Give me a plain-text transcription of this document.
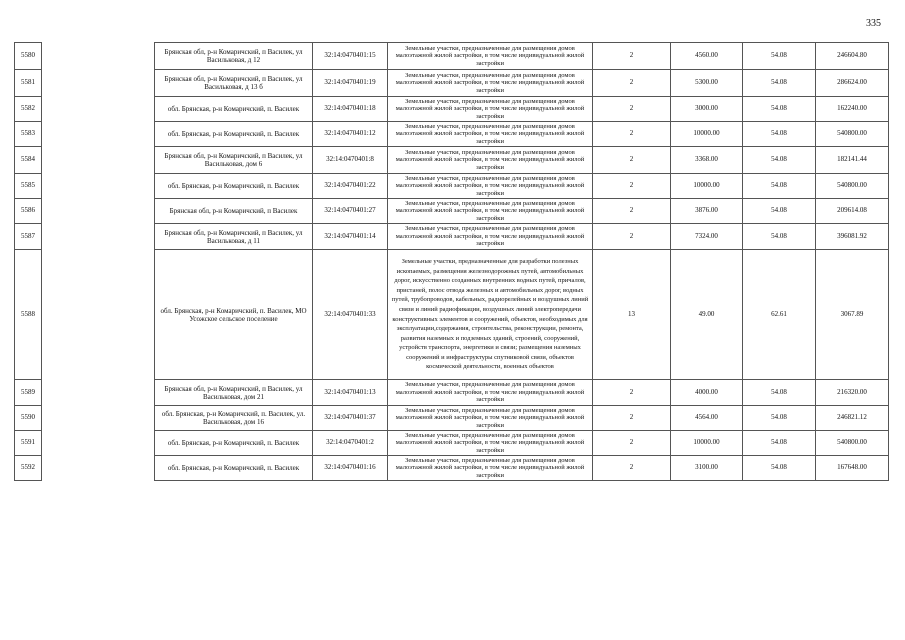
335
5580		Брянская обл, р-н Комаричский, п Василек, ул Васильковая, д 12	32:14:0470401:15	Земельные участки, предназначенные для размещения домов малоэтажной жилой застройки, в том числе индивидуальной жилой застройки	2	4560.00	54.08	246604.80
5581		Брянская обл, р-н Комаричский, п Василек, ул Васильковая, д 13 б	32:14:0470401:19	Земельные участки, предназначенные для размещения домов малоэтажной жилой застройки, в том числе индивидуальной жилой застройки	2	5300.00	54.08	286624.00
5582		обл. Брянская, р-н Комаричский, п. Василек	32:14:0470401:18	Земельные участки, предназначенные для размещения домов малоэтажной жилой застройки, в том числе индивидуальной жилой застройки	2	3000.00	54.08	162240.00
5583		обл. Брянская, р-н Комаричский, п. Василек	32:14:0470401:12	Земельные участки, предназначенные для размещения домов малоэтажной жилой застройки, в том числе индивидуальной жилой застройки	2	10000.00	54.08	540800.00
5584		Брянская обл, р-н Комаричский, п Василек, ул Васильковая, дом 6	32:14:0470401:8	Земельные участки, предназначенные для размещения домов малоэтажной жилой застройки, в том числе индивидуальной жилой застройки	2	3368.00	54.08	182141.44
5585		обл. Брянская, р-н Комаричский, п. Василек	32:14:0470401:22	Земельные участки, предназначенные для размещения домов малоэтажной жилой застройки, в том числе индивидуальной жилой застройки	2	10000.00	54.08	540800.00
5586		Брянская обл, р-н Комаричский, п Василек	32:14:0470401:27	Земельные участки, предназначенные для размещения домов малоэтажной жилой застройки, в том числе индивидуальной жилой застройки	2	3876.00	54.08	209614.08
5587		Брянская обл, р-н Комаричский, п Василек, ул Васильковая, д 11	32:14:0470401:14	Земельные участки, предназначенные для размещения домов малоэтажной жилой застройки, в том числе индивидуальной жилой застройки	2	7324.00	54.08	396081.92
5588		обл. Брянская, р-н Комаричский, п. Василек, МО Усожское сельское поселение	32:14:0470401:33	Земельные участки, предназначенные для разработки полезных ископаемых, размещения железнодорожных путей, автомобильных дорог, искусственно созданных внутренних водных путей, причалов, пристаней, полос отвода железных и автомобильных дорог, водных путей, трубопроводов, кабельных, радиорелейных и воздушных линий связи и линий радиофикации, воздушных линий электропередачи конструктивных элементов и сооружений, объектов, необходимых для эксплуатации,содержания, строительства, реконструкции, ремонта, развития наземных и подземных зданий, строений, сооружений, устройств транспорта, энергетики и связи; размещения наземных сооружений и инфраструктуры спутниковой связи, объектов космической деятельности, военных объектов	13	49.00	62.61	3067.89
5589		Брянская обл, р-н Комаричский, п Василек, ул Васильковая, дом 21	32:14:0470401:13	Земельные участки, предназначенные для размещения домов малоэтажной жилой застройки, в том числе индивидуальной жилой застройки	2	4000.00	54.08	216320.00
5590		обл. Брянская, р-н Комаричский, п. Василек, ул. Васильковая, дом 16	32:14:0470401:37	Земельные участки, предназначенные для размещения домов малоэтажной жилой застройки, в том числе индивидуальной жилой застройки	2	4564.00	54.08	246821.12
5591		обл. Брянская, р-н Комаричский, п. Василек	32:14:0470401:2	Земельные участки, предназначенные для размещения домов малоэтажной жилой застройки, в том числе индивидуальной жилой застройки	2	10000.00	54.08	540800.00
5592		обл. Брянская, р-н Комаричский, п. Василек	32:14:0470401:16	Земельные участки, предназначенные для размещения домов малоэтажной жилой застройки, в том числе индивидуальной жилой застройки	2	3100.00	54.08	167648.00
